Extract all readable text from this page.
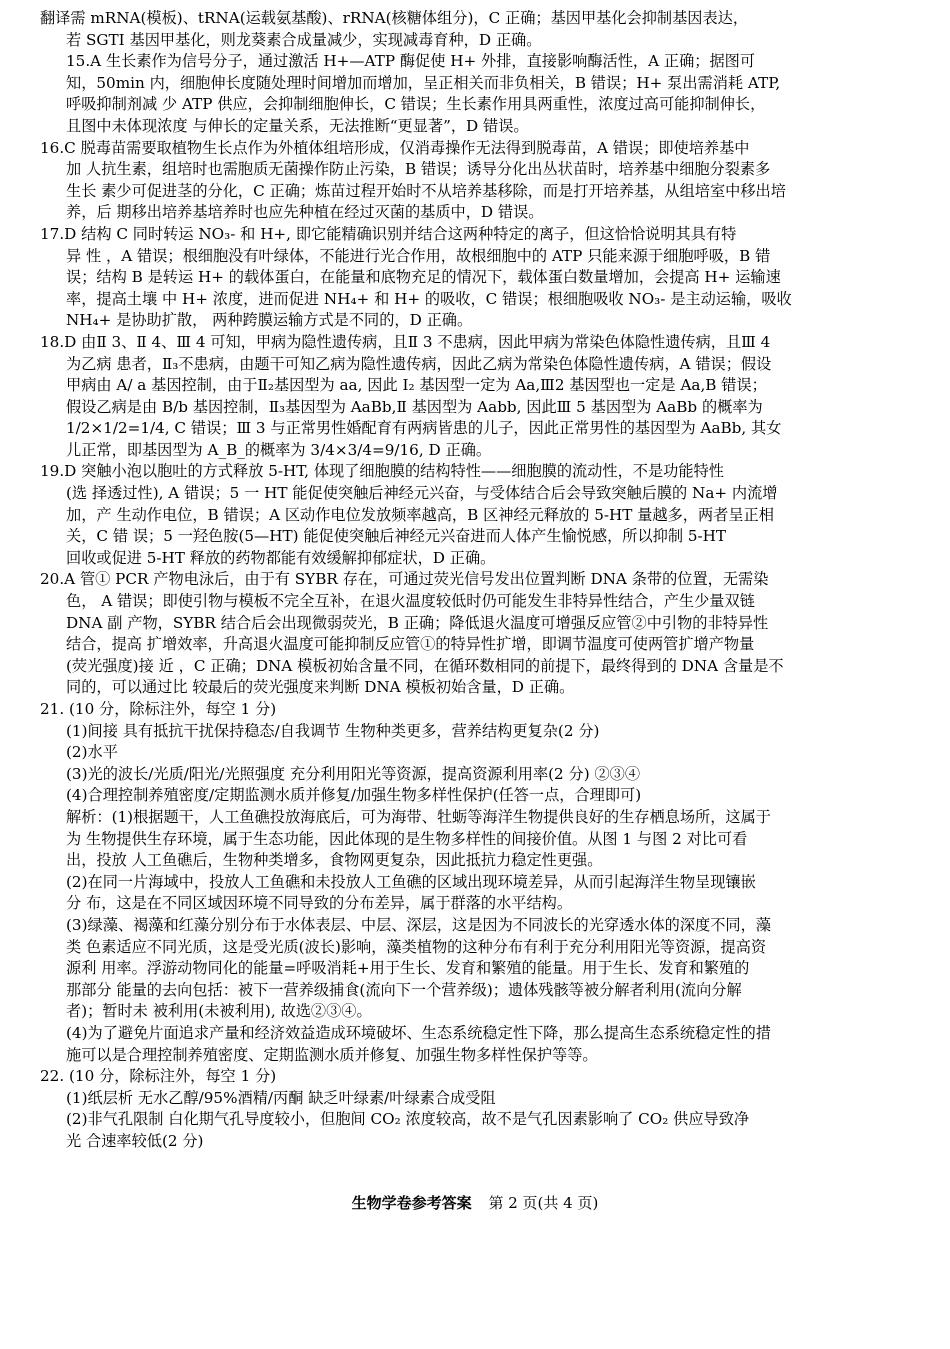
翻译需 mRNA(模板)、tRNA(运载氨基酸)、rRNA(核糖体组分)，C 正确；基因甲基化会抑制基因表达，
若 SGTI 基因甲基化，则龙葵素合成量减少，实现减毒育种，D 正确。
15.A 生长素作为信号分子，通过激活 H+—ATP 酶促使 H+ 外排，直接影响酶活性，A 正确；据图可
知，50min 内，细胞伸长度随处理时间增加而增加，呈正相关而非负相关，B 错误；H+ 泵出需消耗 ATP,
呼吸抑制剂减 少 ATP 供应，会抑制细胞伸长，C 错误；生长素作用具两重性，浓度过高可能抑制伸长，
且图中未体现浓度 与伸长的定量关系，无法推断“更显著”，D 错误。
16.C 脱毒苗需要取植物生长点作为外植体组培形成，仅消毒操作无法得到脱毒苗，A 错误；即使培养基中
加 人抗生素，组培时也需胞质无菌操作防止污染，B 错误；诱导分化出丛状苗时，培养基中细胞分裂素多
生长 素少可促进茎的分化，C 正确；炼苗过程开始时不从培养基移除，而是打开培养基，从组培室中移出培
养，后 期移出培养基培养时也应先种植在经过灭菌的基质中，D 错误。
17.D 结构 C 同时转运 NO₃- 和 H+, 即它能精确识别并结合这两种特定的离子，但这恰恰说明其具有特
异 性 ，A 错误；根细胞没有叶绿体，不能进行光合作用，故根细胞中的 ATP 只能来源于细胞呼吸，B 错
误；结构 B 是转运 H+ 的载体蛋白，在能量和底物充足的情况下，载体蛋白数量增加，会提高 H+ 运输速
率，提高土壤 中 H+ 浓度，进而促进 NH₄+ 和 H+ 的吸收，C 错误；根细胞吸收 NO₃- 是主动运输，吸收
NH₄+ 是协助扩散， 两种跨膜运输方式是不同的，D 正确。
18.D 由Ⅱ 3、Ⅱ 4、Ⅲ 4 可知，甲病为隐性遗传病，且Ⅱ 3 不患病，因此甲病为常染色体隐性遗传病，且Ⅲ 4
为乙病 患者，Ⅱ₃不患病，由题干可知乙病为隐性遗传病，因此乙病为常染色体隐性遗传病，A 错误；假设
甲病由 A/ a 基因控制，由于Ⅱ₂基因型为 aa, 因此 I₂ 基因型一定为 Aa,Ⅲ2 基因型也一定是 Aa,B 错误；
假设乙病是由 B/b 基因控制，Ⅱ₃基因型为 AaBb,Ⅱ 基因型为 Aabb, 因此Ⅲ 5 基因型为 AaBb 的概率为
1/2×1/2=1/4, C 错误；Ⅲ 3 与正常男性婚配育有两病皆患的儿子，因此正常男性的基因型为 AaBb, 其女
儿正常，即基因型为 A_B_的概率为 3/4×3/4=9/16, D 正确。
19.D 突触小泡以胞吐的方式释放 5-HT, 体现了细胞膜的结构特性——细胞膜的流动性，不是功能特性
(选 择透过性), A 错误；5 一 HT 能促使突触后神经元兴奋，与受体结合后会导致突触后膜的 Na+ 内流增
加，产 生动作电位，B 错误；A 区动作电位发放频率越高，B 区神经元释放的 5-HT 量越多，两者呈正相
关，C 错 误；5 一羟色胺(5—HT) 能促使突触后神经元兴奋进而人体产生愉悦感，所以抑制 5-HT
回收或促进 5-HT 释放的药物都能有效缓解抑郁症状，D 正确。
20.A 管① PCR 产物电泳后，由于有 SYBR 存在，可通过荧光信号发出位置判断 DNA 条带的位置，无需染
色， A 错误；即使引物与模板不完全互补，在退火温度较低时仍可能发生非特异性结合，产生少量双链
DNA 副 产物，SYBR 结合后会出现微弱荧光，B 正确；降低退火温度可增强反应管②中引物的非特异性
结合，提高 扩增效率，升高退火温度可能抑制反应管①的特异性扩增，即调节温度可使两管扩增产物量
(荧光强度)接 近 ，C 正确；DNA 模板初始含量不同，在循环数相同的前提下，最终得到的 DNA 含量是不
同的，可以通过比 较最后的荧光强度来判断 DNA 模板初始含量，D 正确。
21. (10 分，除标注外，每空 1 分)
(1)间接 具有抵抗干扰保持稳态/自我调节 生物种类更多，营养结构更复杂(2 分)
(2)水平
(3)光的波长/光质/阳光/光照强度 充分利用阳光等资源，提高资源利用率(2 分) ②③④
(4)合理控制养殖密度/定期监测水质并修复/加强生物多样性保护(任答一点，合理即可)
解析：(1)根据题干，人工鱼礁投放海底后，可为海带、牡蛎等海洋生物提供良好的生存栖息场所，这属于
为 生物提供生存环境，属于生态功能，因此体现的是生物多样性的间接价值。从图 1 与图 2 对比可看
出，投放 人工鱼礁后，生物种类增多，食物网更复杂，因此抵抗力稳定性更强。
(2)在同一片海域中，投放人工鱼礁和未投放人工鱼礁的区域出现环境差异，从而引起海洋生物呈现镶嵌
分 布，这是在不同区域因环境不同导致的分布差异，属于群落的水平结构。
(3)绿藻、褐藻和红藻分别分布于水体表层、中层、深层，这是因为不同波长的光穿透水体的深度不同，藻
类 色素适应不同光质，这是受光质(波长)影响，藻类植物的这种分布有利于充分利用阳光等资源，提高资
源利 用率。浮游动物同化的能量=呼吸消耗+用于生长、发育和繁殖的能量。用于生长、发育和繁殖的
那部分 能量的去向包括：被下一营养级捕食(流向下一个营养级)；遗体残骸等被分解者利用(流向分解
者)；暂时未 被利用(未被利用), 故选②③④。
(4)为了避免片面追求产量和经济效益造成环境破坏、生态系统稳定性下降，那么提高生态系统稳定性的措
施可以是合理控制养殖密度、定期监测水质并修复、加强生物多样性保护等等。
22. (10 分，除标注外，每空 1 分)
(1)纸层析 无水乙醇/95%酒精/丙酮 缺乏叶绿素/叶绿素合成受阻
(2)非气孔限制 白化期气孔导度较小，但胞间 CO₂ 浓度较高，故不是气孔因素影响了 CO₂ 供应导致净
光 合速率较低(2 分)
生物学卷参考答案 第 2 页(共 4 页)
